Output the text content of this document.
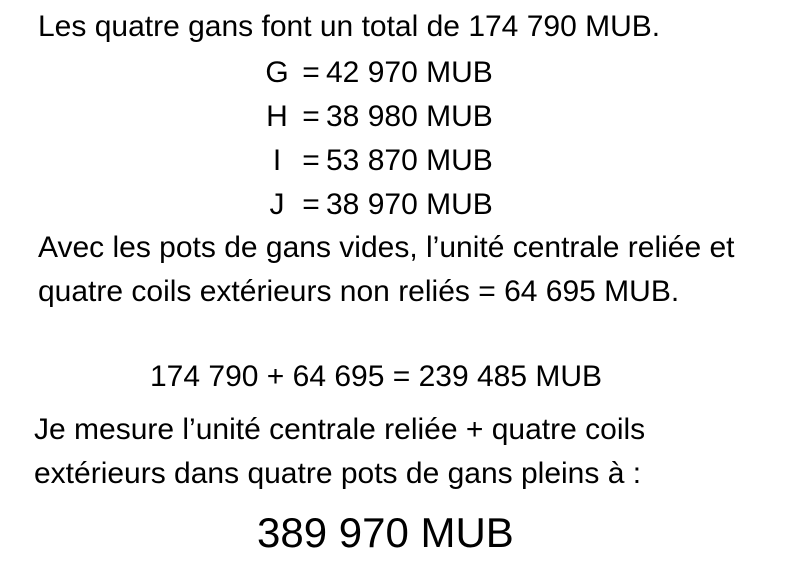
Les quatre gans font un total de 174 790 MUB.

G = 42 970 MUB
H = 38 980 MUB
I = 53 870 MUB
J = 38 970 MUB

Avec les pots de gans vides, l’unité centrale reliée et quatre coils extérieurs non reliés = 64 695 MUB.

174 790 + 64 695 = 239 485 MUB

Je mesure l’unité centrale reliée + quatre coils extérieurs dans quatre pots de gans pleins à :

389 970 MUB
